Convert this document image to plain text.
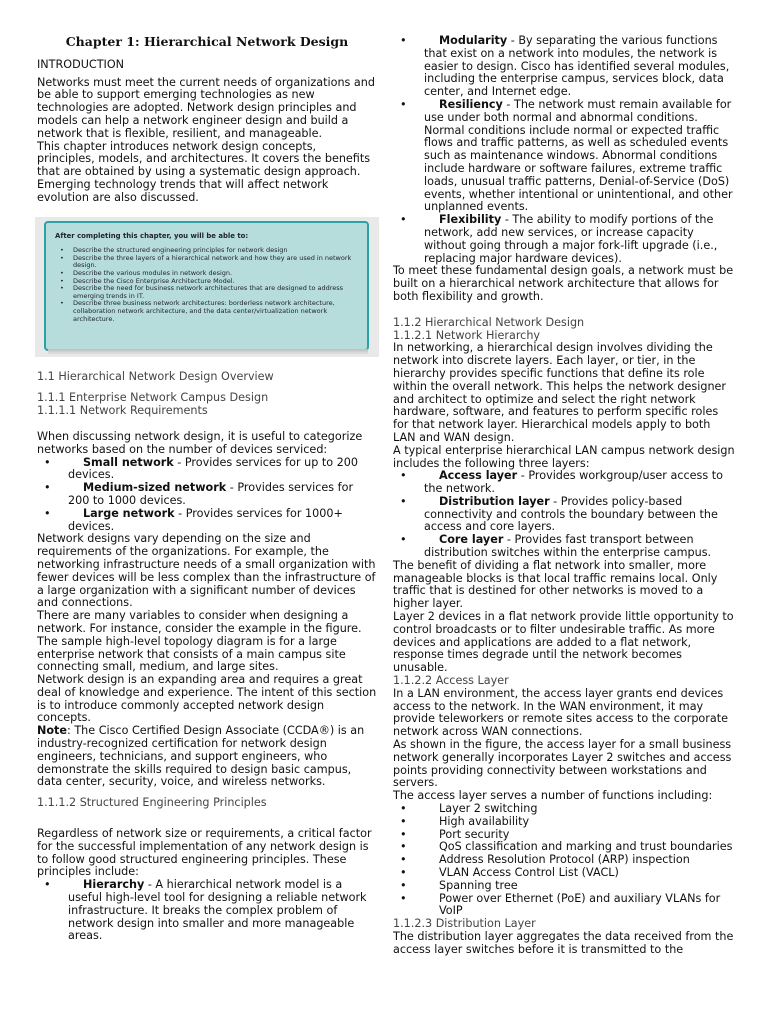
Chapter 1: Hierarchical Network Design

INTRODUCTION

Networks must meet the current needs of organizations and be able to support emerging technologies as new technologies are adopted. Network design principles and models can help a network engineer design and build a network that is flexible, resilient, and manageable.

This chapter introduces network design concepts, principles, models, and architectures. It covers the benefits that are obtained by using a systematic design approach. Emerging technology trends that will affect network evolution are also discussed.

After completing this chapter, you will be able to:
• Describe the structured engineering principles for network design
• Describe the three layers of a hierarchical network and how they are used in network design.
• Describe the various modules in network design.
• Describe the Cisco Enterprise Architecture Model.
• Describe the need for business network architectures that are designed to address emerging trends in IT.
• Describe three business network architectures: borderless network architecture, collaboration network architecture, and the data center/virtualization network architecture.

1.1 Hierarchical Network Design Overview

1.1.1 Enterprise Network Campus Design

1.1.1.1 Network Requirements

When discussing network design, it is useful to categorize networks based on the number of devices serviced:

• Small network - Provides services for up to 200 devices.
• Medium-sized network - Provides services for 200 to 1000 devices.
• Large network - Provides services for 1000+ devices.

Network designs vary depending on the size and requirements of the organizations. For example, the networking infrastructure needs of a small organization with fewer devices will be less complex than the infrastructure of a large organization with a significant number of devices and connections.

There are many variables to consider when designing a network. For instance, consider the example in the figure. The sample high-level topology diagram is for a large enterprise network that consists of a main campus site connecting small, medium, and large sites.

Network design is an expanding area and requires a great deal of knowledge and experience. The intent of this section is to introduce commonly accepted network design concepts.

Note: The Cisco Certified Design Associate (CCDA®) is an industry-recognized certification for network design engineers, technicians, and support engineers, who demonstrate the skills required to design basic campus, data center, security, voice, and wireless networks.

1.1.1.2 Structured Engineering Principles

Regardless of network size or requirements, a critical factor for the successful implementation of any network design is to follow good structured engineering principles. These principles include:

• Hierarchy - A hierarchical network model is a useful high-level tool for designing a reliable network infrastructure. It breaks the complex problem of network design into smaller and more manageable areas.
• Modularity - By separating the various functions that exist on a network into modules, the network is easier to design. Cisco has identified several modules, including the enterprise campus, services block, data center, and Internet edge.
• Resiliency - The network must remain available for use under both normal and abnormal conditions. Normal conditions include normal or expected traffic flows and traffic patterns, as well as scheduled events such as maintenance windows. Abnormal conditions include hardware or software failures, extreme traffic loads, unusual traffic patterns, Denial-of-Service (DoS) events, whether intentional or unintentional, and other unplanned events.
• Flexibility - The ability to modify portions of the network, add new services, or increase capacity without going through a major fork-lift upgrade (i.e., replacing major hardware devices).

To meet these fundamental design goals, a network must be built on a hierarchical network architecture that allows for both flexibility and growth.

1.1.2 Hierarchical Network Design

1.1.2.1 Network Hierarchy

In networking, a hierarchical design involves dividing the network into discrete layers. Each layer, or tier, in the hierarchy provides specific functions that define its role within the overall network. This helps the network designer and architect to optimize and select the right network hardware, software, and features to perform specific roles for that network layer. Hierarchical models apply to both LAN and WAN design.

A typical enterprise hierarchical LAN campus network design includes the following three layers:

• Access layer - Provides workgroup/user access to the network.
• Distribution layer - Provides policy-based connectivity and controls the boundary between the access and core layers.
• Core layer - Provides fast transport between distribution switches within the enterprise campus.

The benefit of dividing a flat network into smaller, more manageable blocks is that local traffic remains local. Only traffic that is destined for other networks is moved to a higher layer.

Layer 2 devices in a flat network provide little opportunity to control broadcasts or to filter undesirable traffic. As more devices and applications are added to a flat network, response times degrade until the network becomes unusable.

1.1.2.2 Access Layer

In a LAN environment, the access layer grants end devices access to the network. In the WAN environment, it may provide teleworkers or remote sites access to the corporate network across WAN connections.

As shown in the figure, the access layer for a small business network generally incorporates Layer 2 switches and access points providing connectivity between workstations and servers.

The access layer serves a number of functions including:

• Layer 2 switching
• High availability
• Port security
• QoS classification and marking and trust boundaries
• Address Resolution Protocol (ARP) inspection
• VLAN Access Control List (VACL)
• Spanning tree
• Power over Ethernet (PoE) and auxiliary VLANs for VoIP

1.1.2.3 Distribution Layer

The distribution layer aggregates the data received from the access layer switches before it is transmitted to the
